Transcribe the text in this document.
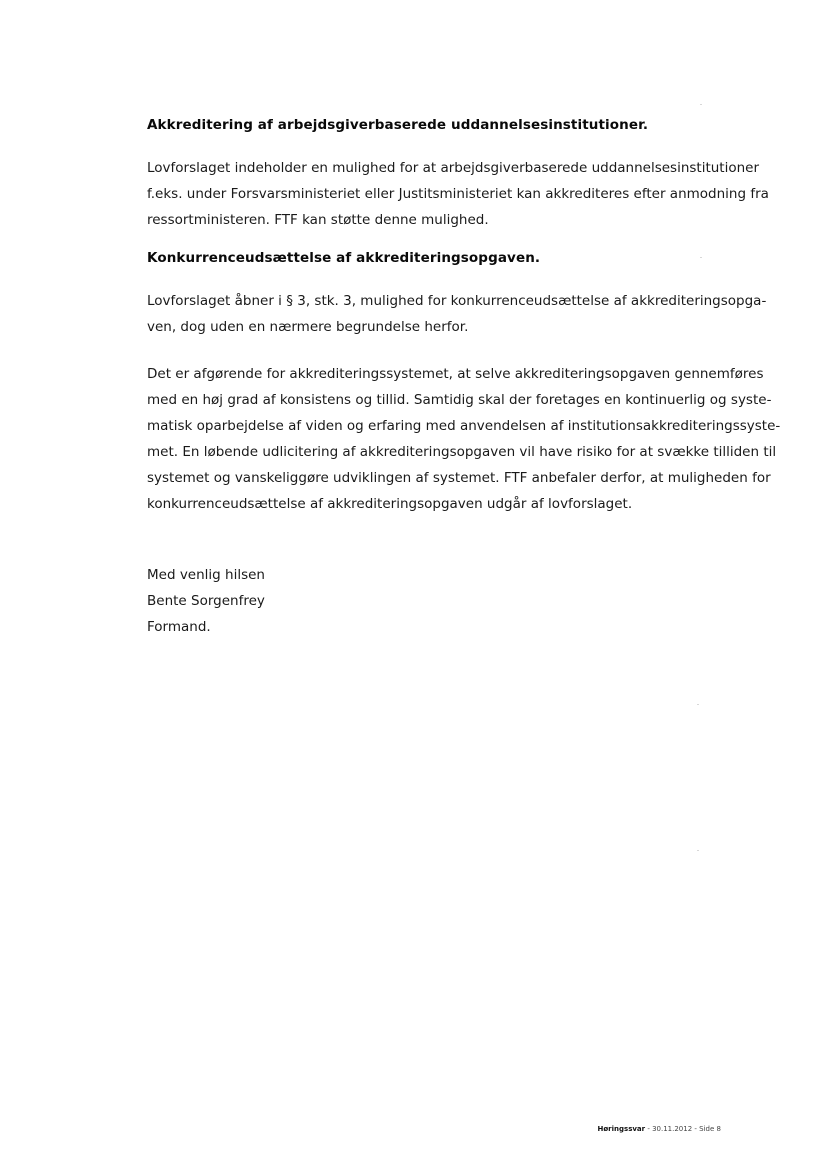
Akkreditering af arbejdsgiverbaserede uddannelsesinstitutioner.
Lovforslaget indeholder en mulighed for at arbejdsgiverbaserede uddannelsesinstitutioner
f.eks. under Forsvarsministeriet eller Justitsministeriet kan akkrediteres efter anmodning fra
ressortministeren. FTF kan støtte denne mulighed.
Konkurrenceudsættelse af akkrediteringsopgaven.
Lovforslaget åbner i § 3, stk. 3, mulighed for konkurrenceudsættelse af akkrediteringsopga-
ven, dog uden en nærmere begrundelse herfor.
Det er afgørende for akkrediteringssystemet, at selve akkrediteringsopgaven gennemføres
med en høj grad af konsistens og tillid. Samtidig skal der foretages en kontinuerlig og syste-
matisk oparbejdelse af viden og erfaring med anvendelsen af institutionsakkrediteringssyste-
met. En løbende udlicitering af akkrediteringsopgaven vil have risiko for at svække tilliden til
systemet og vanskeliggøre udviklingen af systemet. FTF anbefaler derfor, at muligheden for
konkurrenceudsættelse af akkrediteringsopgaven udgår af lovforslaget.
Med venlig hilsen
Bente Sorgenfrey
Formand.
Høringssvar - 30.11.2012 - Side 8
